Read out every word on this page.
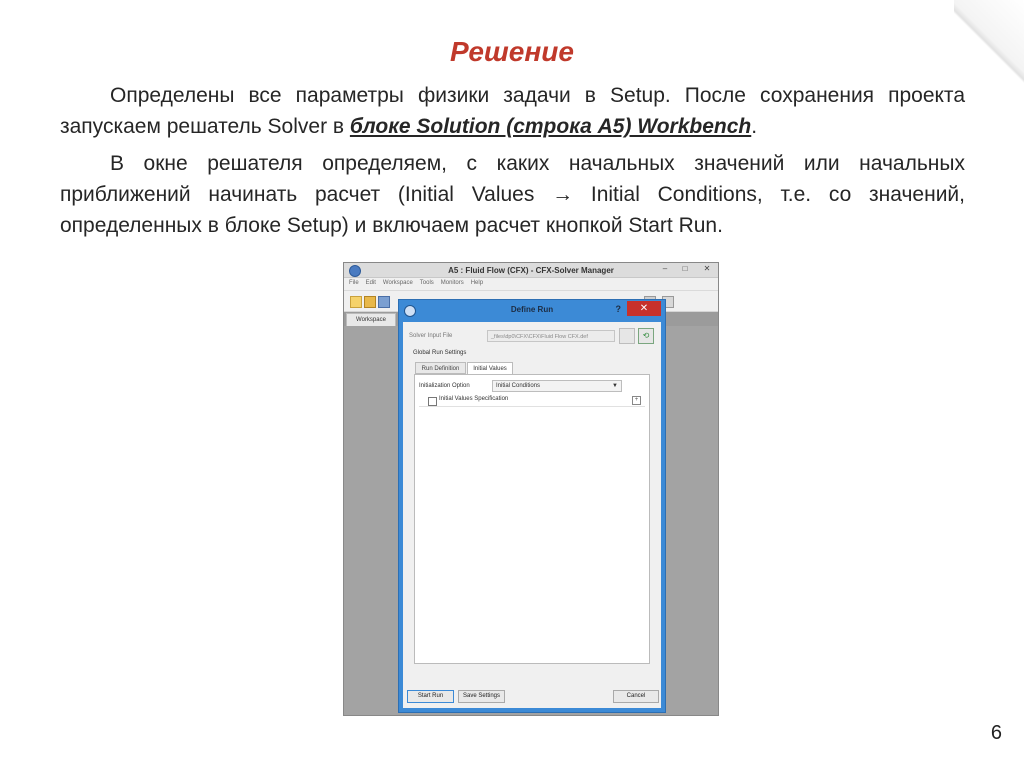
Решение
Определены все параметры физики задачи в Setup. После сохранения проекта запускаем решатель Solver в блоке Solution (строка А5) Workbench.
В окне решателя определяем, с каких начальных значений или начальных приближений начинать расчет (Initial Values → Initial Conditions, т.е. со значений, определенных в блоке Setup) и включаем расчет кнопкой Start Run.
A5 : Fluid Flow (CFX) - CFX-Solver Manager	–	□	✕
File Edit Workspace Tools Monitors Help
Workspace
Define Run	?	✕
Solver Input File	_files\dp0\CFX\CFX\Fluid Flow CFX.def	⟲
Global Run Settings
Run Definition	Initial Values
Initialization Option	Initial Conditions	▼
Initial Values Specification	+
Start Run	Save Settings	Cancel
6
